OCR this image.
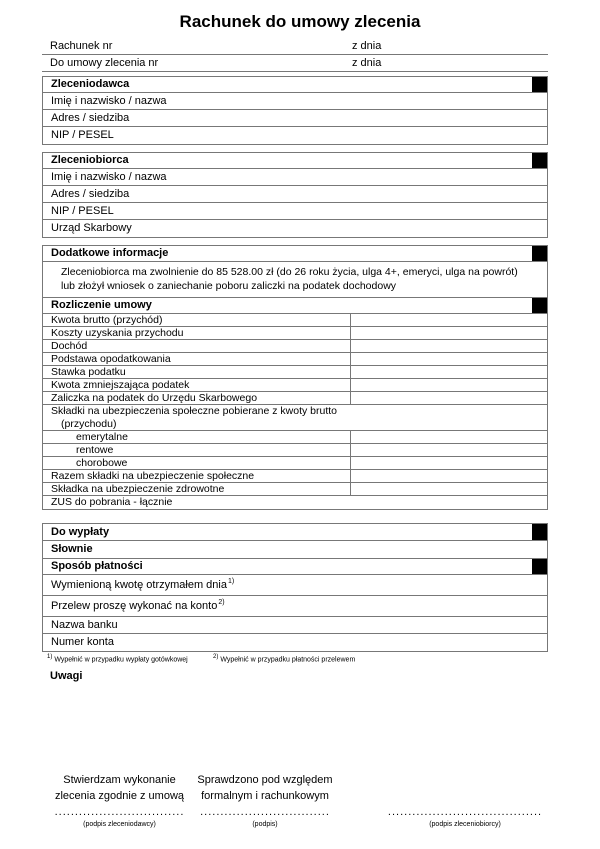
Rachunek do umowy zlecenia
Rachunek nr	z dnia
Do umowy zlecenia nr	z dnia
Zleceniodawca
Imię i nazwisko / nazwa
Adres / siedziba
NIP / PESEL
Zleceniobiorca
Imię i nazwisko / nazwa
Adres / siedziba
NIP / PESEL
Urząd Skarbowy
Dodatkowe informacje
Zleceniobiorca ma zwolnienie do 85 528.00 zł (do 26 roku życia, ulga 4+, emeryci, ulga na powrót)
lub złożył wniosek o zaniechanie poboru zaliczki na podatek dochodowy
Rozliczenie umowy
Kwota brutto (przychód)
Koszty uzyskania przychodu
Dochód
Podstawa opodatkowania
Stawka podatku
Kwota zmniejszająca podatek
Zaliczka na podatek do Urzędu Skarbowego
Składki na ubezpieczenia społeczne pobierane z kwoty brutto
(przychodu)
emerytalne
rentowe
chorobowe
Razem składki na ubezpieczenie społeczne
Składka na ubezpieczenie zdrowotne
ZUS do pobrania - łącznie
Do wypłaty
Słownie
Sposób płatności
Wymienioną kwotę otrzymałem dnia$^{1)}$
Przelew proszę wykonać na konto$^{2)}$
Nazwa banku
Numer konta
$^{1)}$ Wypełnić w przypadku wypłaty gotówkowej	$^{2)}$ Wypełnić w przypadku płatności przelewem
Uwagi
Stwierdzam wykonanie
zlecenia zgodnie z umową
................................
(podpis zleceniodawcy)
Sprawdzono pod względem
formalnym i rachunkowym
................................
(podpis)
......................................
(podpis zleceniobiorcy)
